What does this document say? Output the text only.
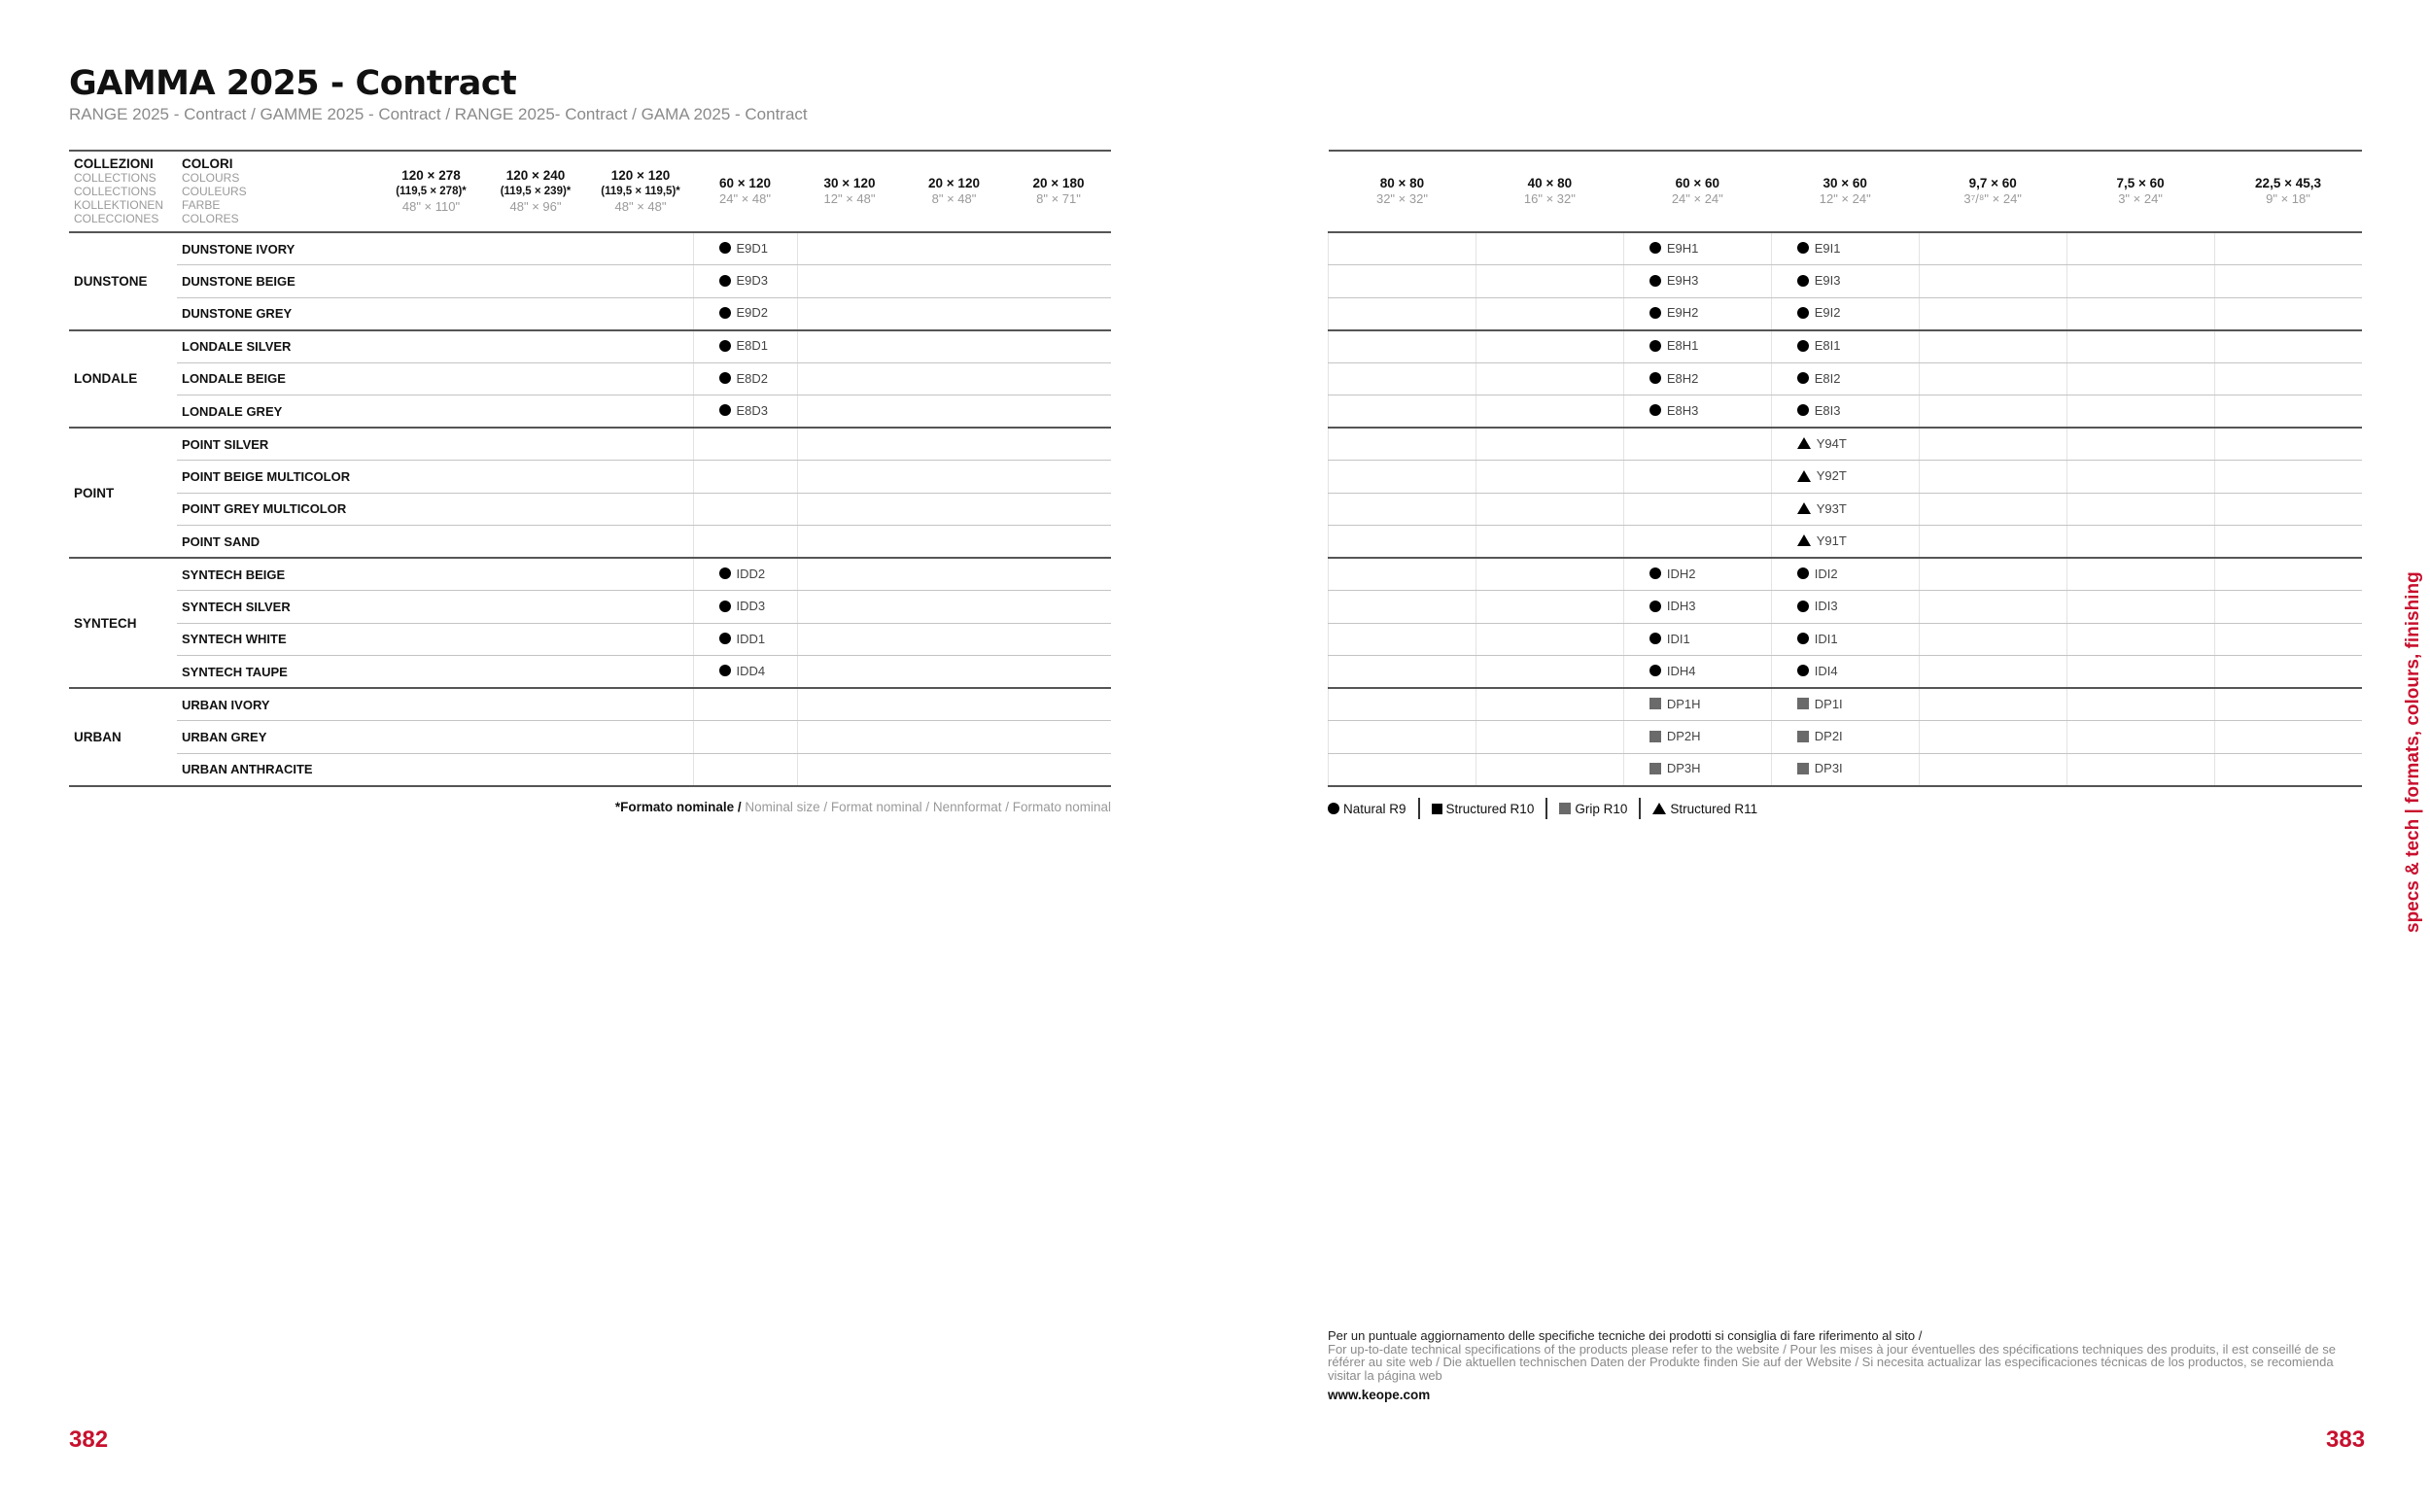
GAMMA 2025 - Contract
RANGE 2025 - Contract / GAMME 2025 - Contract / RANGE 2025- Contract / GAMA 2025 - Contract
COLLEZIONI
COLLECTIONS
COLLECTIONS
KOLLEKTIONEN
COLECCIONES	COLORI
COLOURS
COULEURS
FARBE
COLORES	120 × 278
(119,5 × 278)*
48" × 110"	120 × 240
(119,5 × 239)*
48" × 96"	120 × 120
(119,5 × 119,5)*
48" × 48"	60 × 120
24" × 48"	30 × 120
12" × 48"	20 × 120
8" × 48"	20 × 180
8" × 71"

DUNSTONE	DUNSTONE IVORY				E9D1			

	DUNSTONE BEIGE				E9D3			

	DUNSTONE GREY				E9D2			

LONDALE	LONDALE SILVER				E8D1			

	LONDALE BEIGE				E8D2			

	LONDALE GREY				E8D3			

POINT	POINT SILVER							
	POINT BEIGE MULTICOLOR							
	POINT GREY MULTICOLOR							
	POINT SAND							
SYNTECH	SYNTECH BEIGE				IDD2			

	SYNTECH SILVER				IDD3			

	SYNTECH WHITE				IDD1			

	SYNTECH TAUPE				IDD4			

URBAN	URBAN IVORY							
	URBAN GREY							
	URBAN ANTHRACITE							
80 × 80
32" × 32"	40 × 80
16" × 32"	60 × 60
24" × 24"	30 × 60
12" × 24"	9,7 × 60
3⁷/⁸" × 24"	7,5 × 60
3" × 24"	22,5 × 45,3
9" × 18"

		E9H1	E9I1			

		E9H3	E9I3			

		E9H2	E9I2			

		E8H1	E8I1			

		E8H2	E8I2			

		E8H3	E8I3			

			Y94T			

			Y92T			

			Y93T			

			Y91T			

		IDH2	IDI2			

		IDH3	IDI3			

		IDI1	IDI1			

		IDH4	IDI4			

		DP1H	DP1I			

		DP2H	DP2I			

		DP3H	DP3I			

*Formato nominale / Nominal size / Format nominal / Nennformat / Formato nominal	Natural R9	Structured R10	Grip R10	Structured R11	specs & tech | formats, colours, finishing
Per un puntuale aggiornamento delle specifiche tecniche dei prodotti si consiglia di fare riferimento al sito /
For up-to-date technical specifications of the products please refer to the website / Pour les mises à jour éventuelles des spécifications techniques des produits, il est conseillé de se référer au site web / Die aktuellen technischen Daten der Produkte finden Sie auf der Website / Si necesita actualizar las especificaciones técnicas de los productos, se recomienda visitar la página web
www.keope.com
382	383
